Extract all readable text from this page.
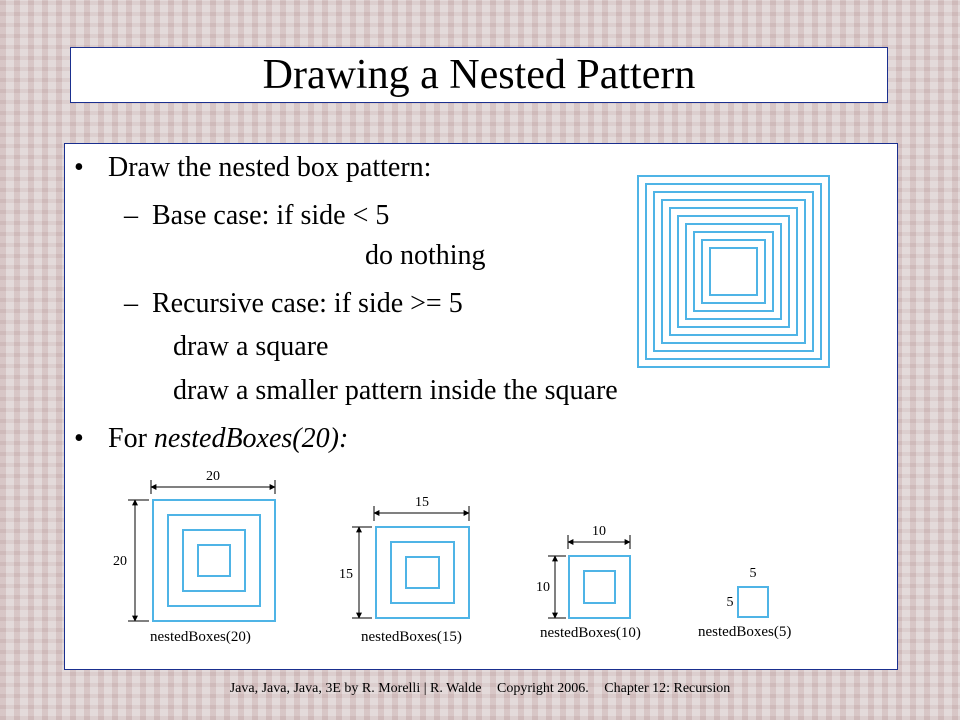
Drawing a Nested Pattern
• Draw the nested box pattern:
– Base case: if side < 5
do nothing
– Recursive case: if side >= 5
draw a square
draw a smaller pattern inside the square
• For nestedBoxes(20):
20
20
nestedBoxes(20)
15
15
nestedBoxes(15)
10
10
nestedBoxes(10)
5
5
nestedBoxes(5)
Java, Java, Java, 3E by R. Morelli | R. Walde Copyright 2006. Chapter 12: Recursion
